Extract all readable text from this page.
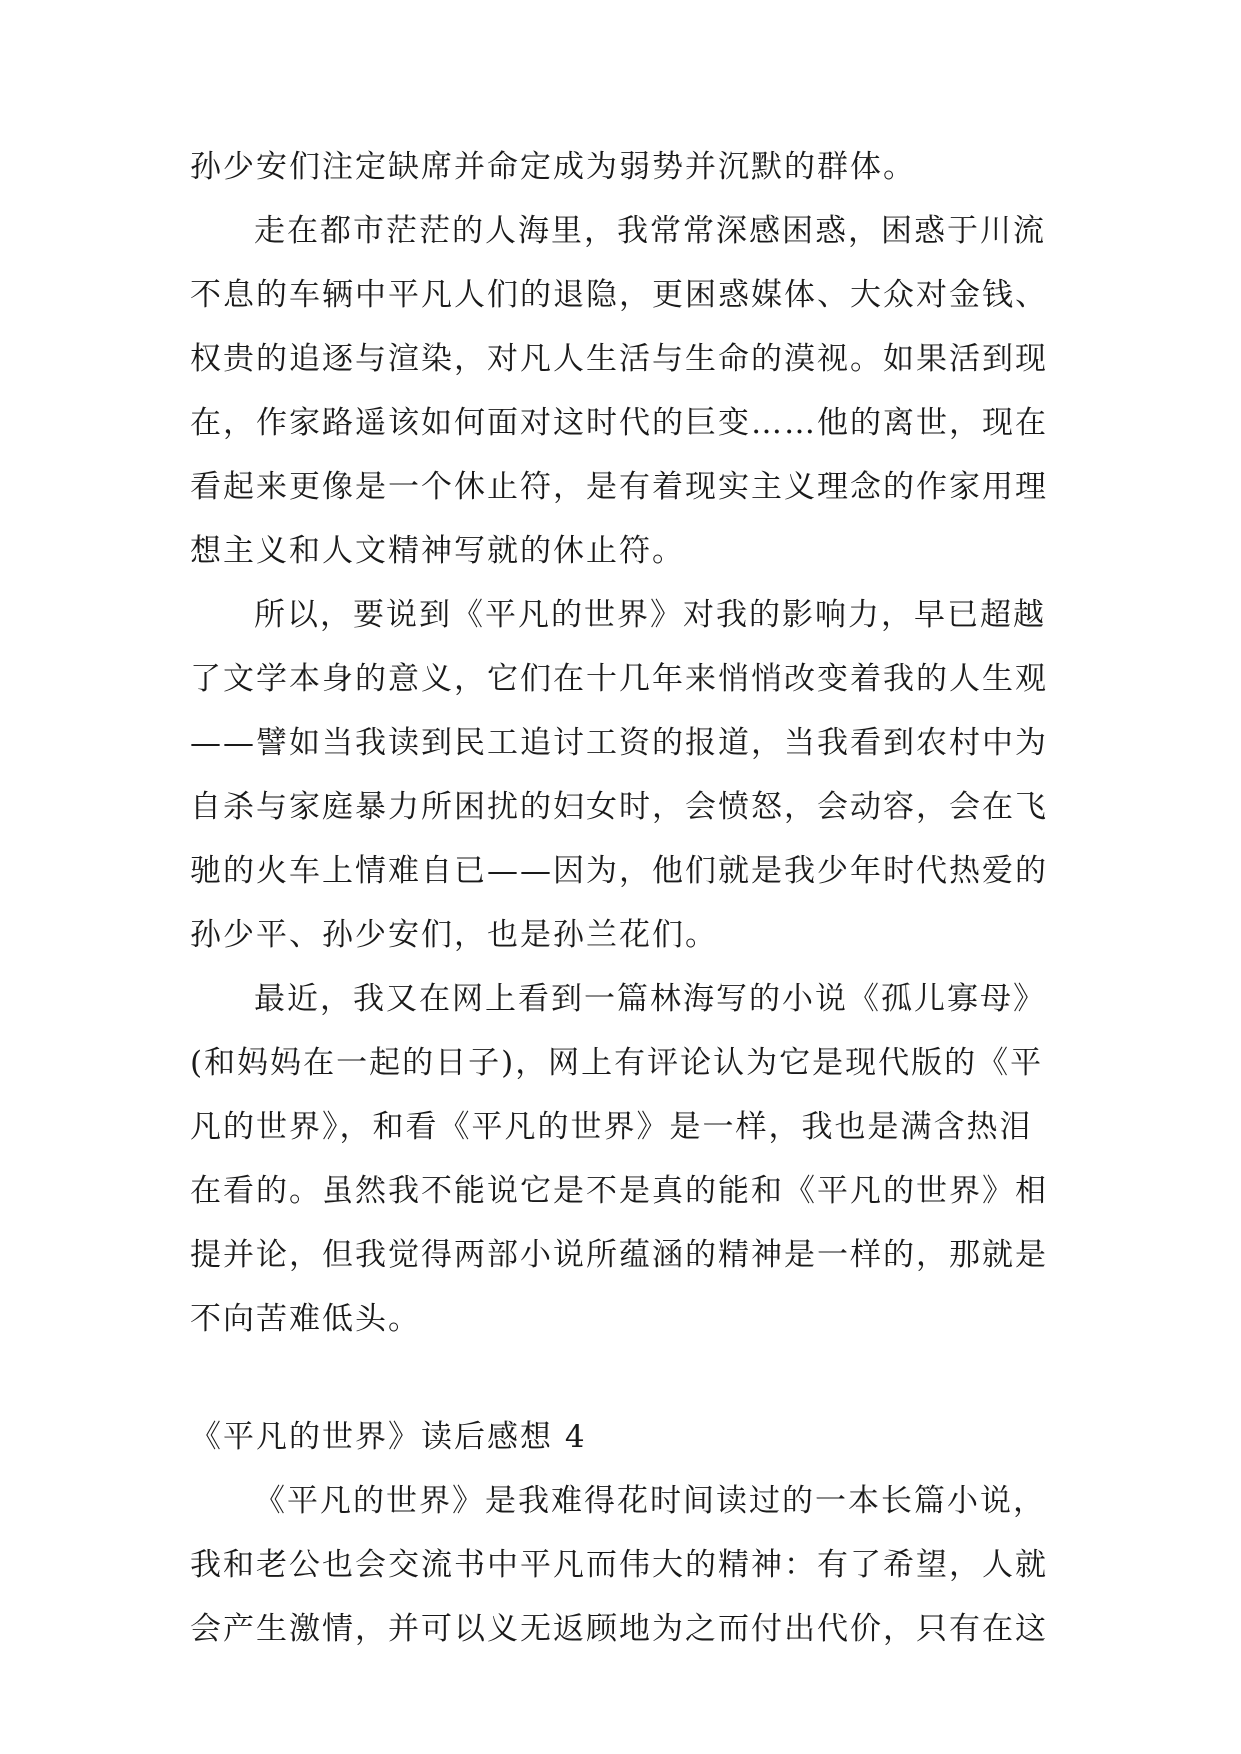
孙少安们注定缺席并命定成为弱势并沉默的群体。
走在都市茫茫的人海里，我常常深感困惑，困惑于川流
不息的车辆中平凡人们的退隐，更困惑媒体、大众对金钱、
权贵的追逐与渲染，对凡人生活与生命的漠视。如果活到现
在，作家路遥该如何面对这时代的巨变……他的离世，现在
看起来更像是一个休止符，是有着现实主义理念的作家用理
想主义和人文精神写就的休止符。
所以，要说到《平凡的世界》对我的影响力，早已超越
了文学本身的意义，它们在十几年来悄悄改变着我的人生观
——譬如当我读到民工追讨工资的报道，当我看到农村中为
自杀与家庭暴力所困扰的妇女时，会愤怒，会动容，会在飞
驰的火车上情难自已——因为，他们就是我少年时代热爱的
孙少平、孙少安们，也是孙兰花们。
最近，我又在网上看到一篇林海写的小说《孤儿寡母》
(和妈妈在一起的日子)，网上有评论认为它是现代版的《平
凡的世界》，和看《平凡的世界》是一样，我也是满含热泪
在看的。虽然我不能说它是不是真的能和《平凡的世界》相
提并论，但我觉得两部小说所蕴涵的精神是一样的，那就是
不向苦难低头。
《平凡的世界》读后感想 4
《平凡的世界》是我难得花时间读过的一本长篇小说，
我和老公也会交流书中平凡而伟大的精神：有了希望，人就
会产生激情，并可以义无返顾地为之而付出代价，只有在这
